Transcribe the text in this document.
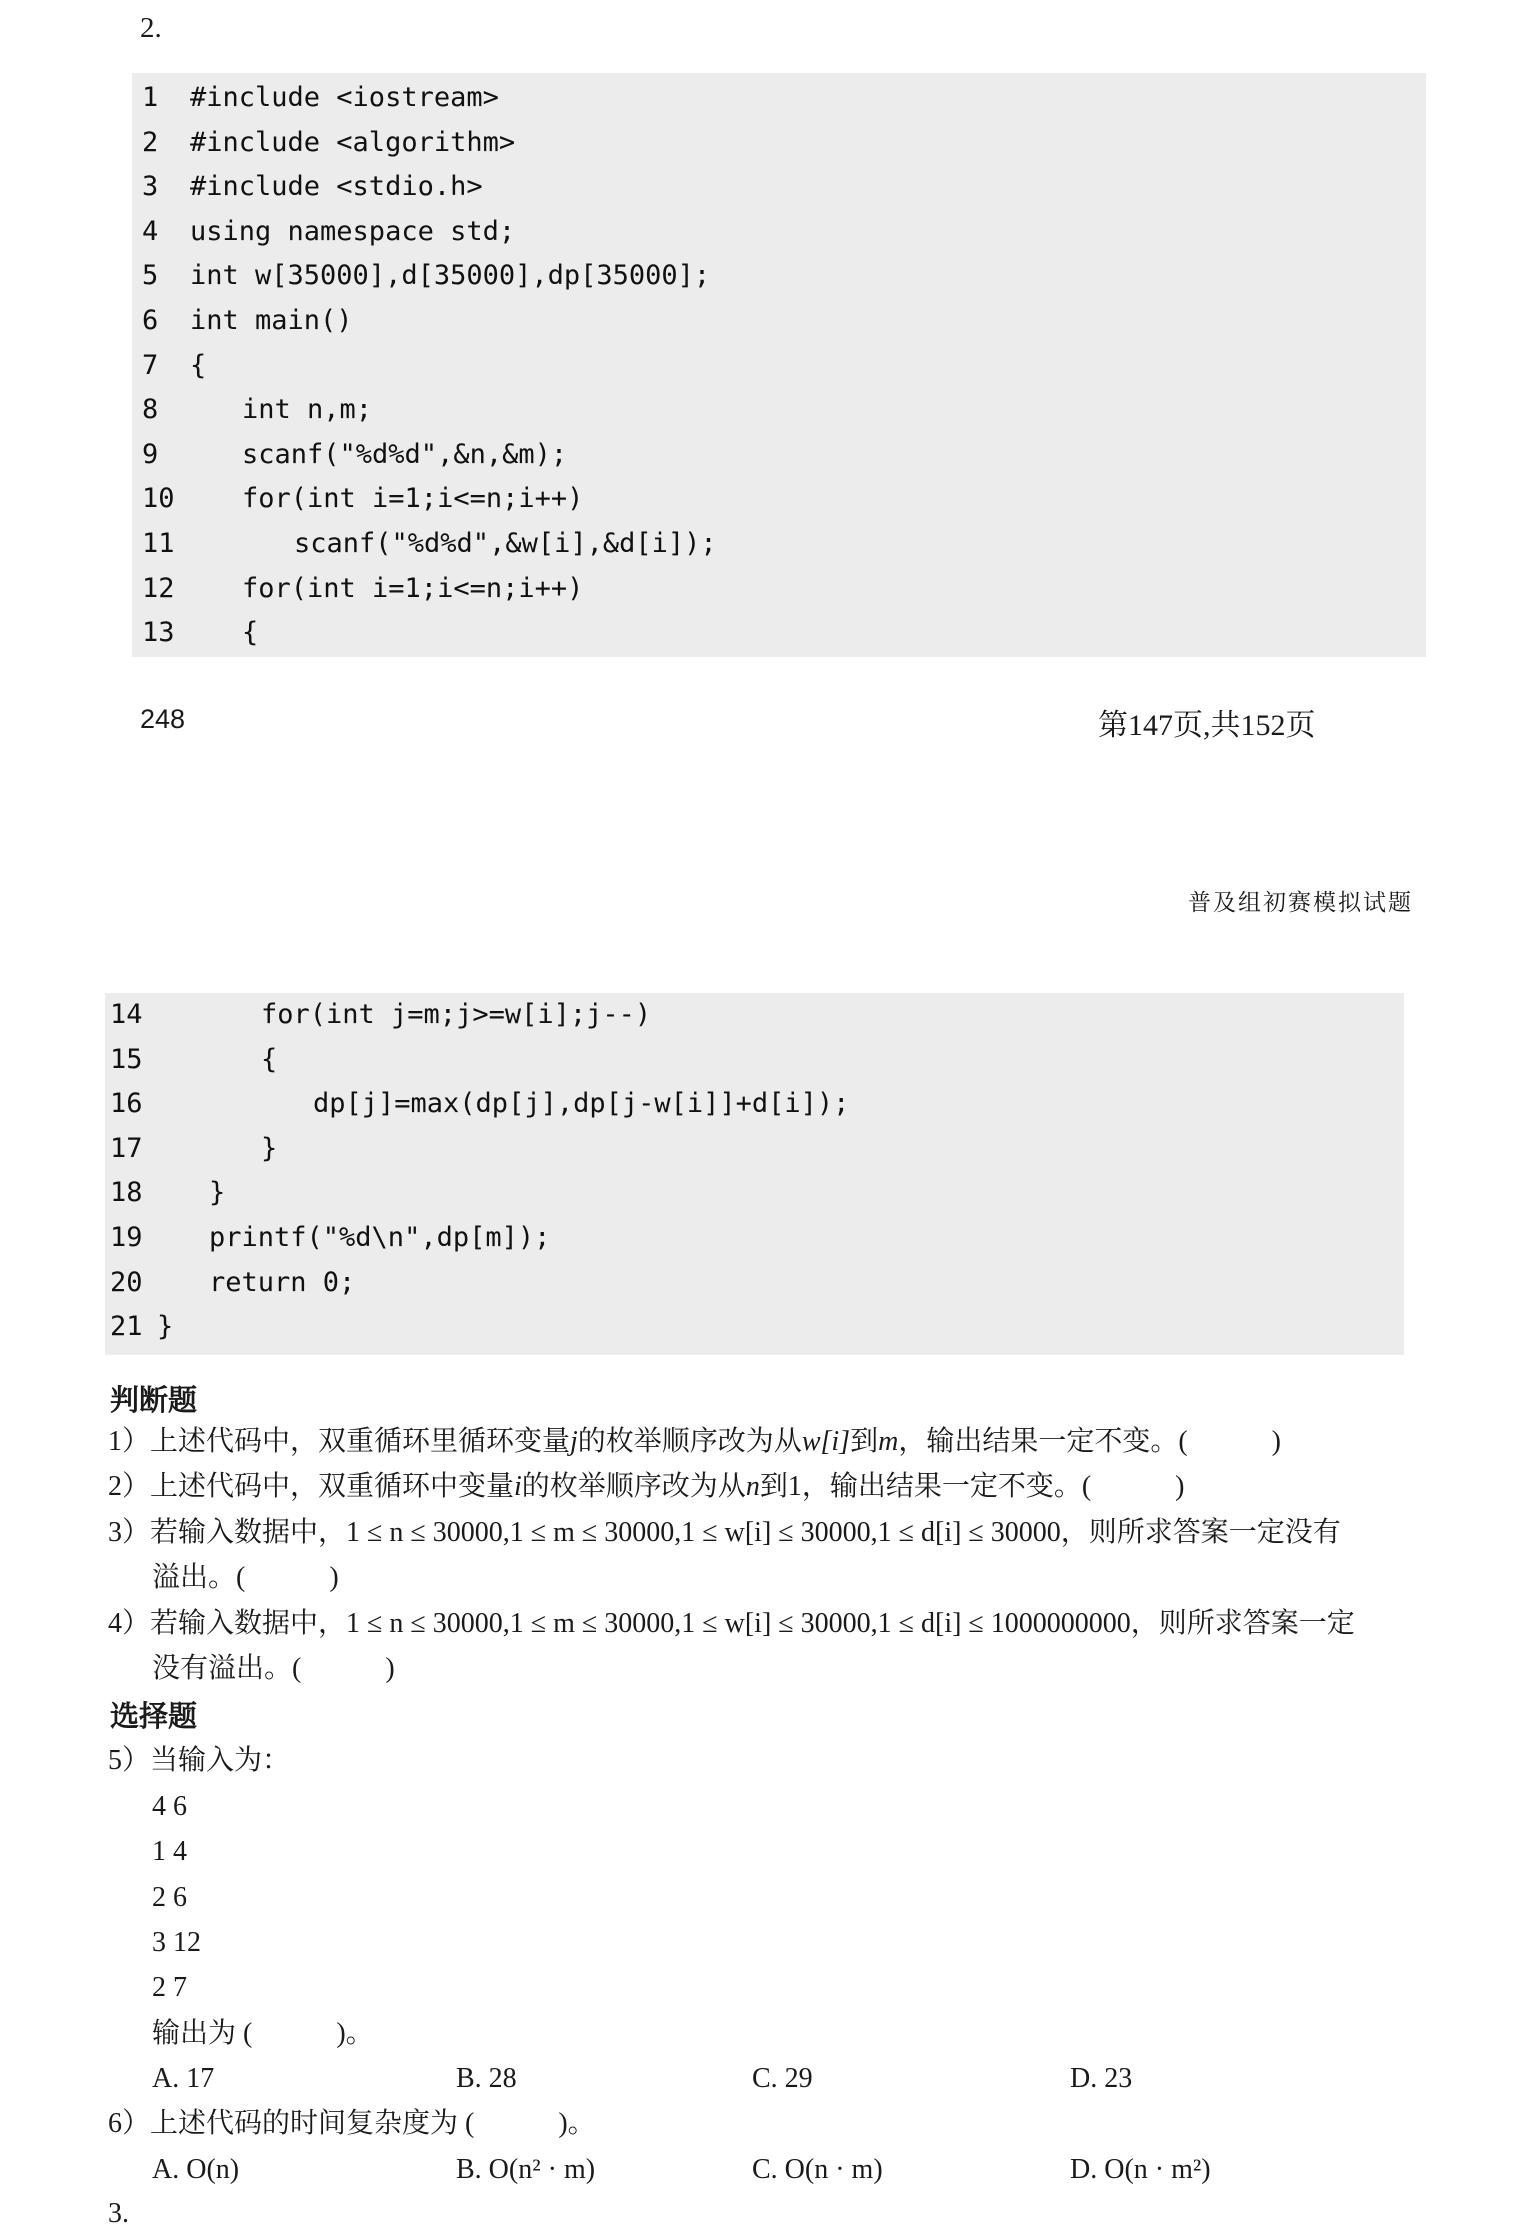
2.
1	#include <iostream>
2	#include <algorithm>
3	#include <stdio.h>
4	using namespace std;
5	int w[35000],d[35000],dp[35000];
6	int main()
7	{
8	int n,m;
9	scanf("%d%d",&n,&m);
10	for(int i=1;i<=n;i++)
11	scanf("%d%d",&w[i],&d[i]);
12	for(int i=1;i<=n;i++)
13	{
248	第147页,共152页
普及组初赛模拟试题
14	for(int j=m;j>=w[i];j--)
15	{
16	dp[j]=max(dp[j],dp[j-w[i]]+d[i]);
17	}
18	}
19	printf("%d\n",dp[m]);
20	return 0;
21 }
判断题
1）上述代码中，双重循环里循环变量j的枚举顺序改为从w[i]到m，输出结果一定不变。(　　　)
2）上述代码中，双重循环中变量i的枚举顺序改为从n到1，输出结果一定不变。(　　　)
3）若输入数据中，1 ≤ n ≤ 30000,1 ≤ m ≤ 30000,1 ≤ w[i] ≤ 30000,1 ≤ d[i] ≤ 30000，则所求答案一定没有
溢出。(　　　)
4）若输入数据中，1 ≤ n ≤ 30000,1 ≤ m ≤ 30000,1 ≤ w[i] ≤ 30000,1 ≤ d[i] ≤ 1000000000，则所求答案一定
没有溢出。(　　　)
选择题
5）当输入为：
4 6
1 4
2 6
3 12
2 7
输出为 (　　　)。
A. 17	B. 28	C. 29	D. 23
6）上述代码的时间复杂度为 (　　　)。
A. O(n)	B. O(n² · m)	C. O(n · m)	D. O(n · m²)
3.
